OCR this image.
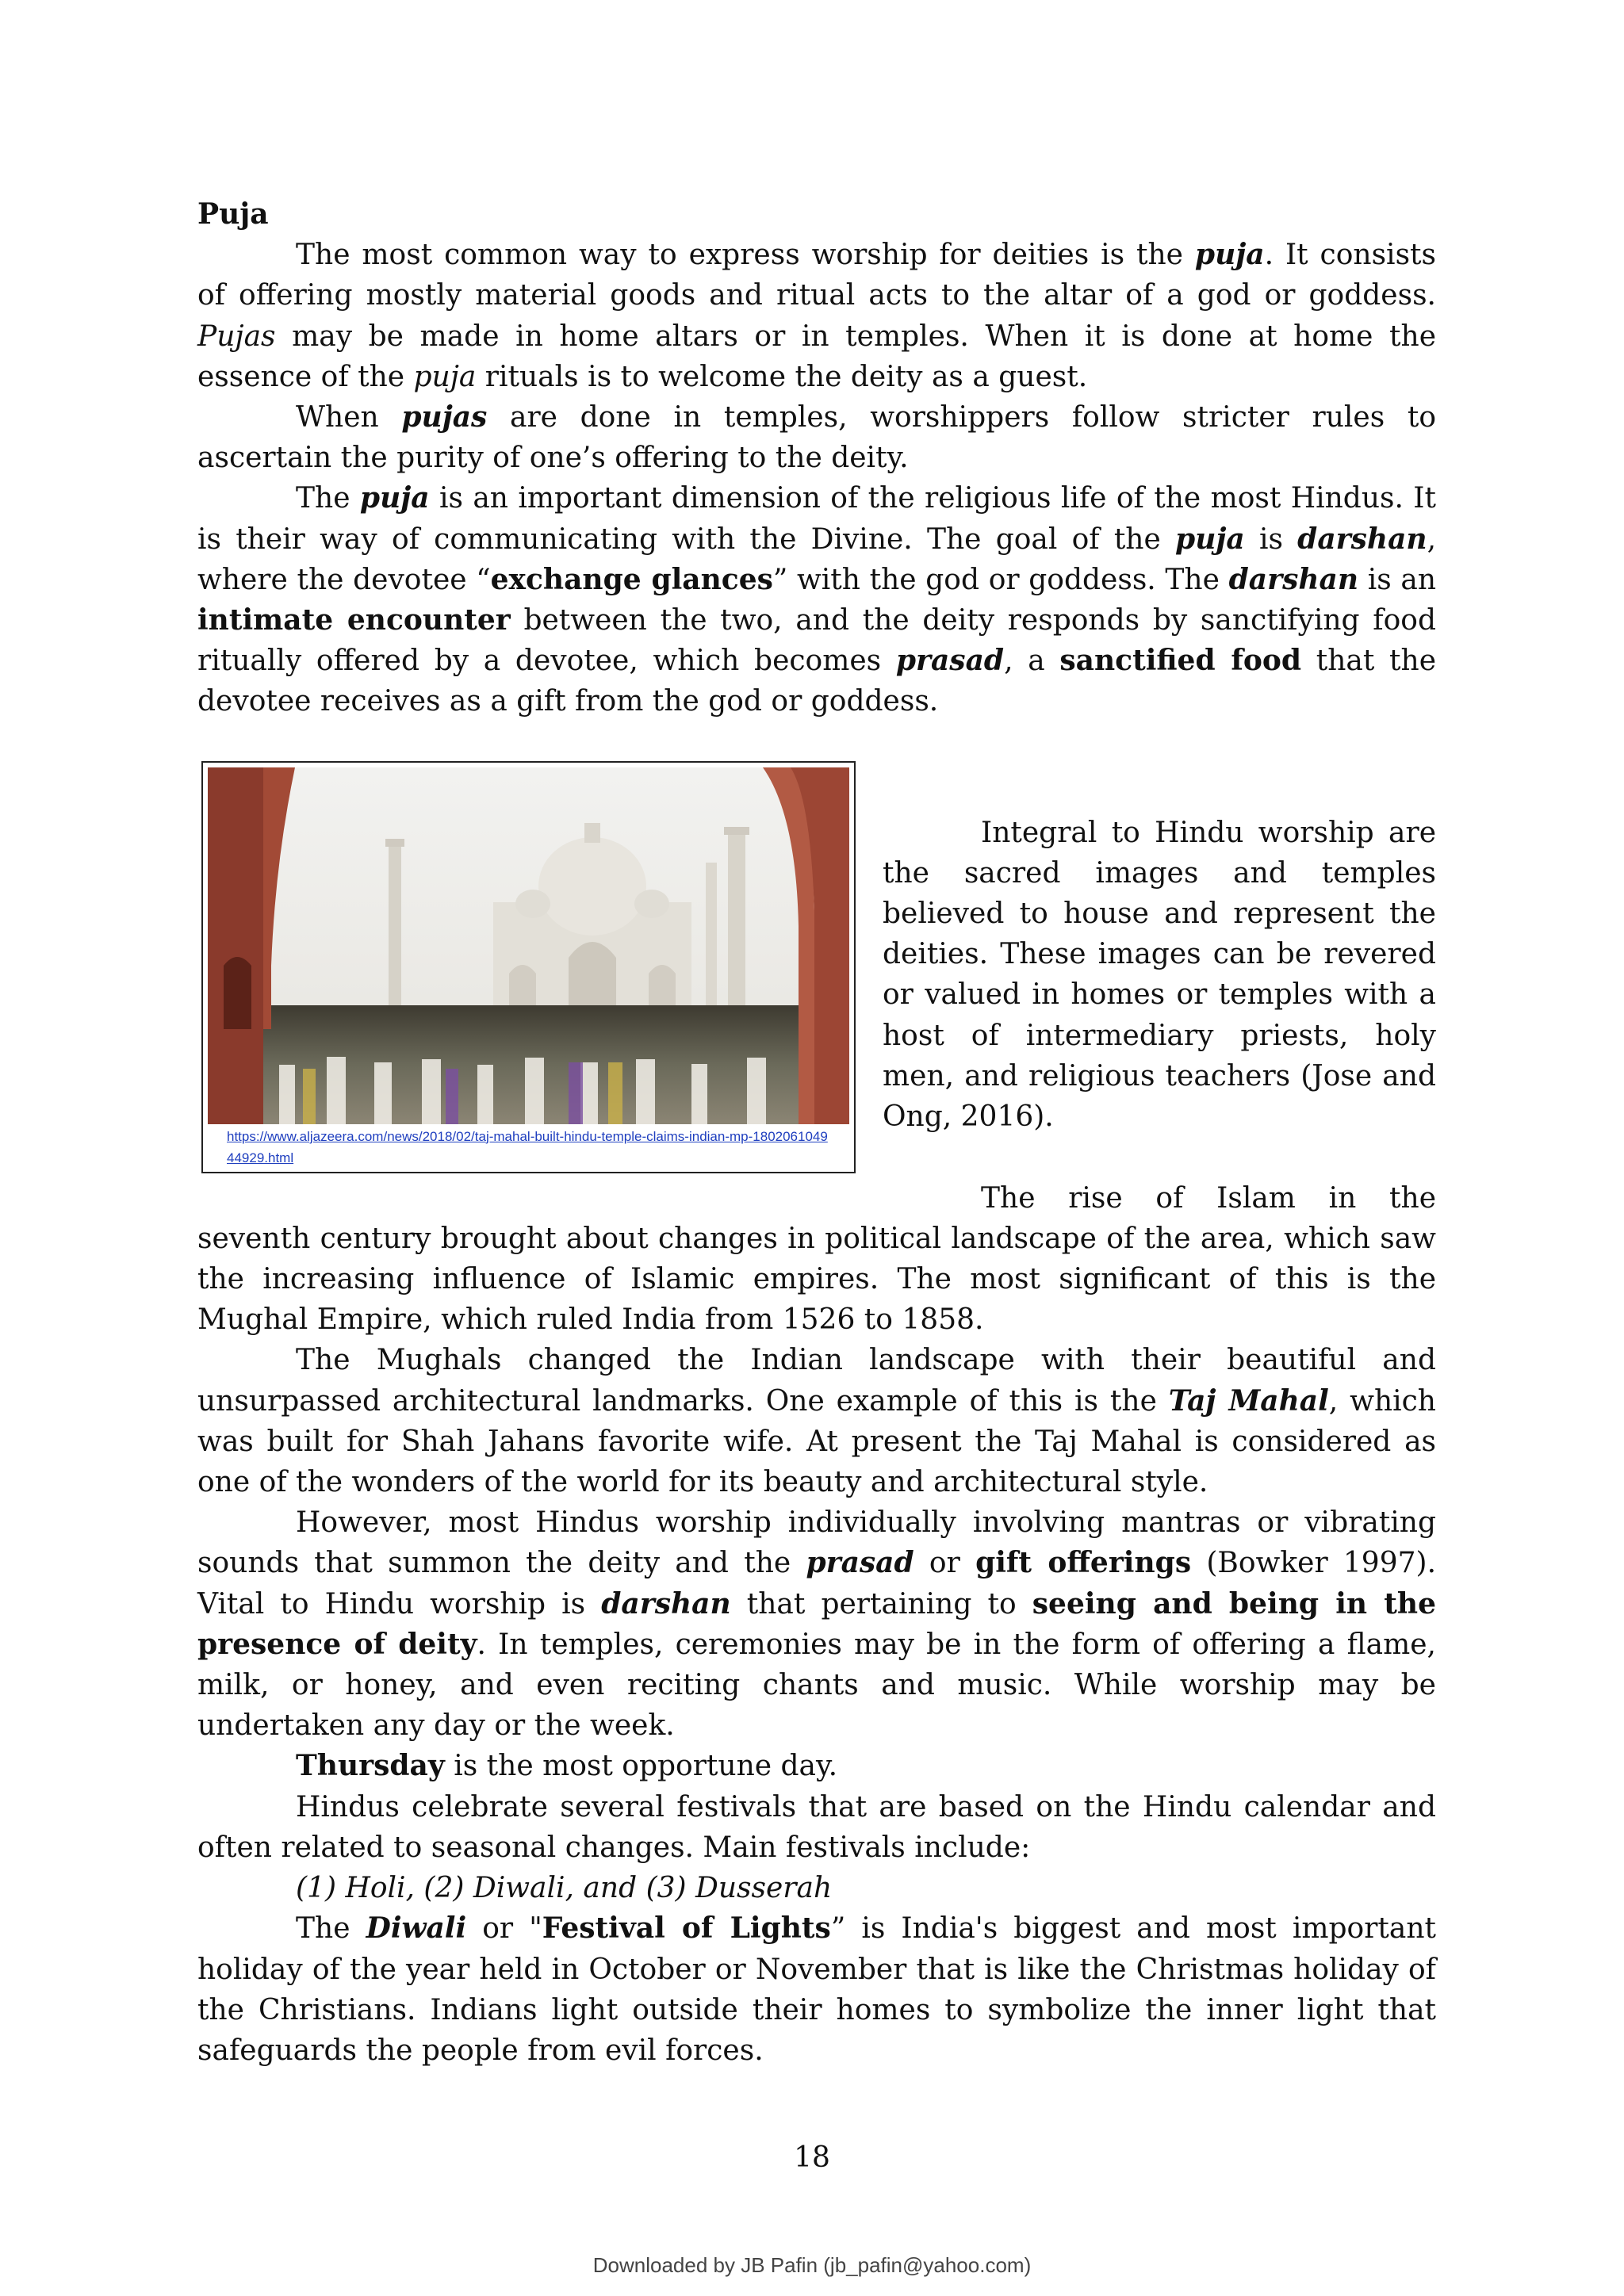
Puja

The most common way to express worship for deities is the puja. It consists of offering mostly material goods and ritual acts to the altar of a god or goddess. Pujas may be made in home altars or in temples. When it is done at home the essence of the puja rituals is to welcome the deity as a guest.

When pujas are done in temples, worshippers follow stricter rules to ascertain the purity of one’s offering to the deity.

The puja is an important dimension of the religious life of the most Hindus. It is their way of communicating with the Divine. The goal of the puja is darshan, where the devotee “exchange glances” with the god or goddess. The darshan is an intimate encounter between the two, and the deity responds by sanctifying food ritually offered by a devotee, which becomes prasad, a sanctified food that the devotee receives as a gift from the god or goddess.

https://www.aljazeera.com/news/2018/02/taj-mahal-built-hindu-temple-claims-indian-mp-180206104944929.html

Integral to Hindu worship are the sacred images and temples believed to house and represent the deities. These images can be revered or valued in homes or temples with a host of intermediary priests, holy men, and religious teachers (Jose and Ong, 2016).

The rise of Islam in the seventh century brought about changes in political landscape of the area, which saw the increasing influence of Islamic empires. The most significant of this is the Mughal Empire, which ruled India from 1526 to 1858.

The Mughals changed the Indian landscape with their beautiful and unsurpassed architectural landmarks. One example of this is the Taj Mahal, which was built for Shah Jahans favorite wife. At present the Taj Mahal is considered as one of the wonders of the world for its beauty and architectural style.

However, most Hindus worship individually involving mantras or vibrating sounds that summon the deity and the prasad or gift offerings (Bowker 1997). Vital to Hindu worship is darshan that pertaining to seeing and being in the presence of deity. In temples, ceremonies may be in the form of offering a flame, milk, or honey, and even reciting chants and music. While worship may be undertaken any day or the week.

Thursday is the most opportune day.

Hindus celebrate several festivals that are based on the Hindu calendar and often related to seasonal changes. Main festivals include:

(1) Holi, (2) Diwali, and (3) Dusserah

The Diwali or "Festival of Lights” is India's biggest and most important holiday of the year held in October or November that is like the Christmas holiday of the Christians. Indians light outside their homes to symbolize the inner light that safeguards the people from evil forces.

18
Downloaded by JB Pafin (jb_pafin@yahoo.com)
